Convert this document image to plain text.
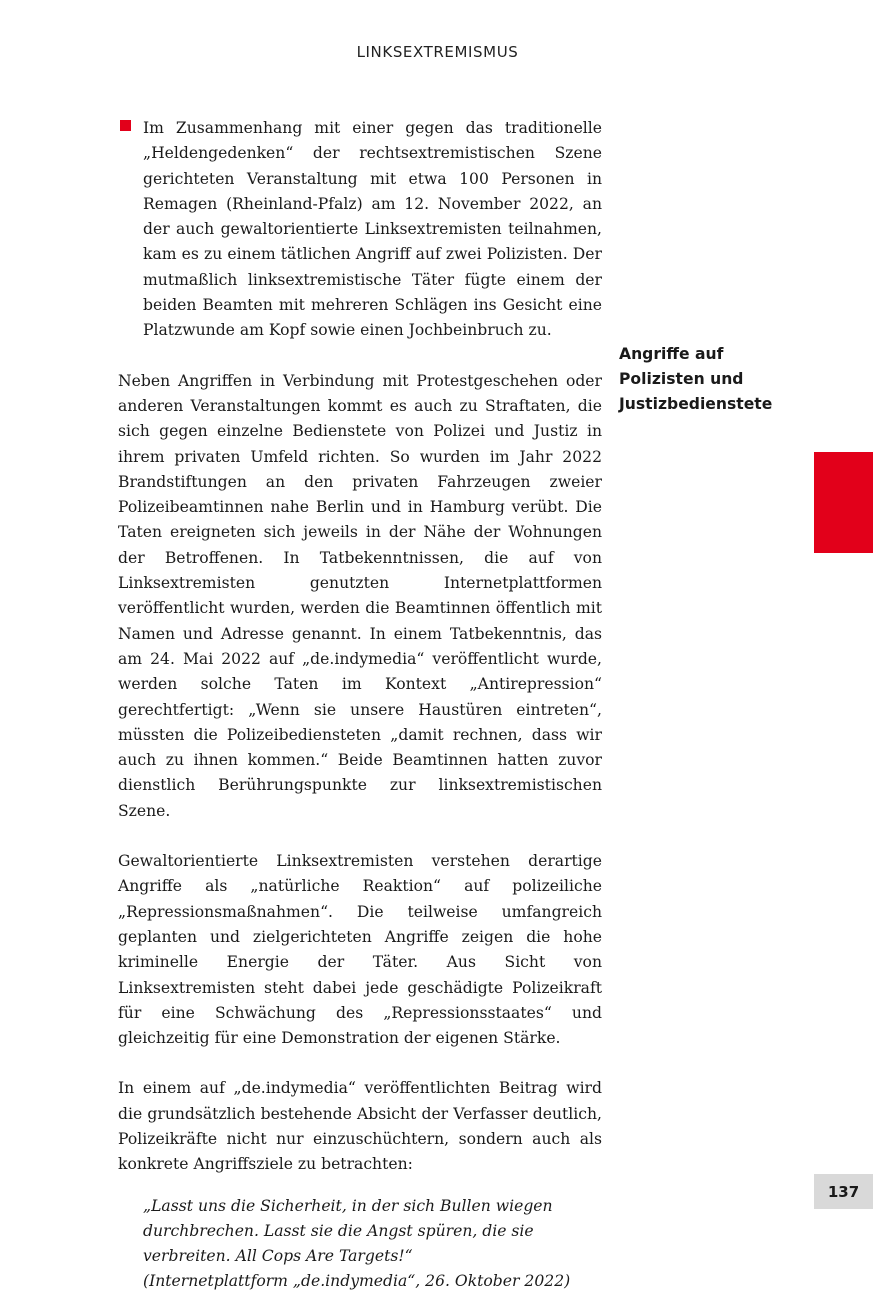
LINKSEXTREMISMUS

Im Zusammenhang mit einer gegen das traditionelle „Heldengedenken“ der rechtsextremistischen Szene gerichteten Veranstaltung mit etwa 100 Personen in Remagen (Rheinland-Pfalz) am 12. November 2022, an der auch gewaltorientierte Linksextremisten teilnahmen, kam es zu einem tätlichen Angriff auf zwei Polizisten. Der mutmaßlich linksextremistische Täter fügte einem der beiden Beamten mit mehreren Schlägen ins Gesicht eine Platzwunde am Kopf sowie einen Jochbeinbruch zu.

Neben Angriffen in Verbindung mit Protestgeschehen oder anderen Veranstaltungen kommt es auch zu Straftaten, die sich gegen einzelne Bedienstete von Polizei und Justiz in ihrem privaten Umfeld richten. So wurden im Jahr 2022 Brandstiftungen an den privaten Fahrzeugen zweier Polizeibeamtinnen nahe Berlin und in Hamburg verübt. Die Taten ereigneten sich jeweils in der Nähe der Wohnungen der Betroffenen. In Tatbekenntnissen, die auf von Linksextremisten genutzten Internetplattformen veröffentlicht wurden, werden die Beamtinnen öffentlich mit Namen und Adresse genannt. In einem Tatbekenntnis, das am 24. Mai 2022 auf „de.indymedia“ veröffentlicht wurde, werden solche Taten im Kontext „Antirepression“ gerechtfertigt: „Wenn sie unsere Haustüren eintreten“, müssten die Polizeibediensteten „damit rechnen, dass wir auch zu ihnen kommen.“ Beide Beamtinnen hatten zuvor dienstlich Berührungspunkte zur linksextremistischen Szene.

Gewaltorientierte Linksextremisten verstehen derartige Angriffe als „natürliche Reaktion“ auf polizeiliche „Repressionsmaßnahmen“. Die teilweise umfangreich geplanten und zielgerichteten Angriffe zeigen die hohe kriminelle Energie der Täter. Aus Sicht von Linksextremisten steht dabei jede geschädigte Polizeikraft für eine Schwächung des „Repressionsstaates“ und gleichzeitig für eine Demonstration der eigenen Stärke.

In einem auf „de.indymedia“ veröffentlichten Beitrag wird die grundsätzlich bestehende Absicht der Verfasser deutlich, Polizeikräfte nicht nur einzuschüchtern, sondern auch als konkrete Angriffsziele zu betrachten:

„Lasst uns die Sicherheit, in der sich Bullen wiegen durchbrechen. Lasst sie die Angst spüren, die sie verbreiten. All Cops Are Targets!“

(Internetplattform „de.indymedia“, 26. Oktober 2022)

Angriffe auf
Polizisten und
Justizbedienstete
137
